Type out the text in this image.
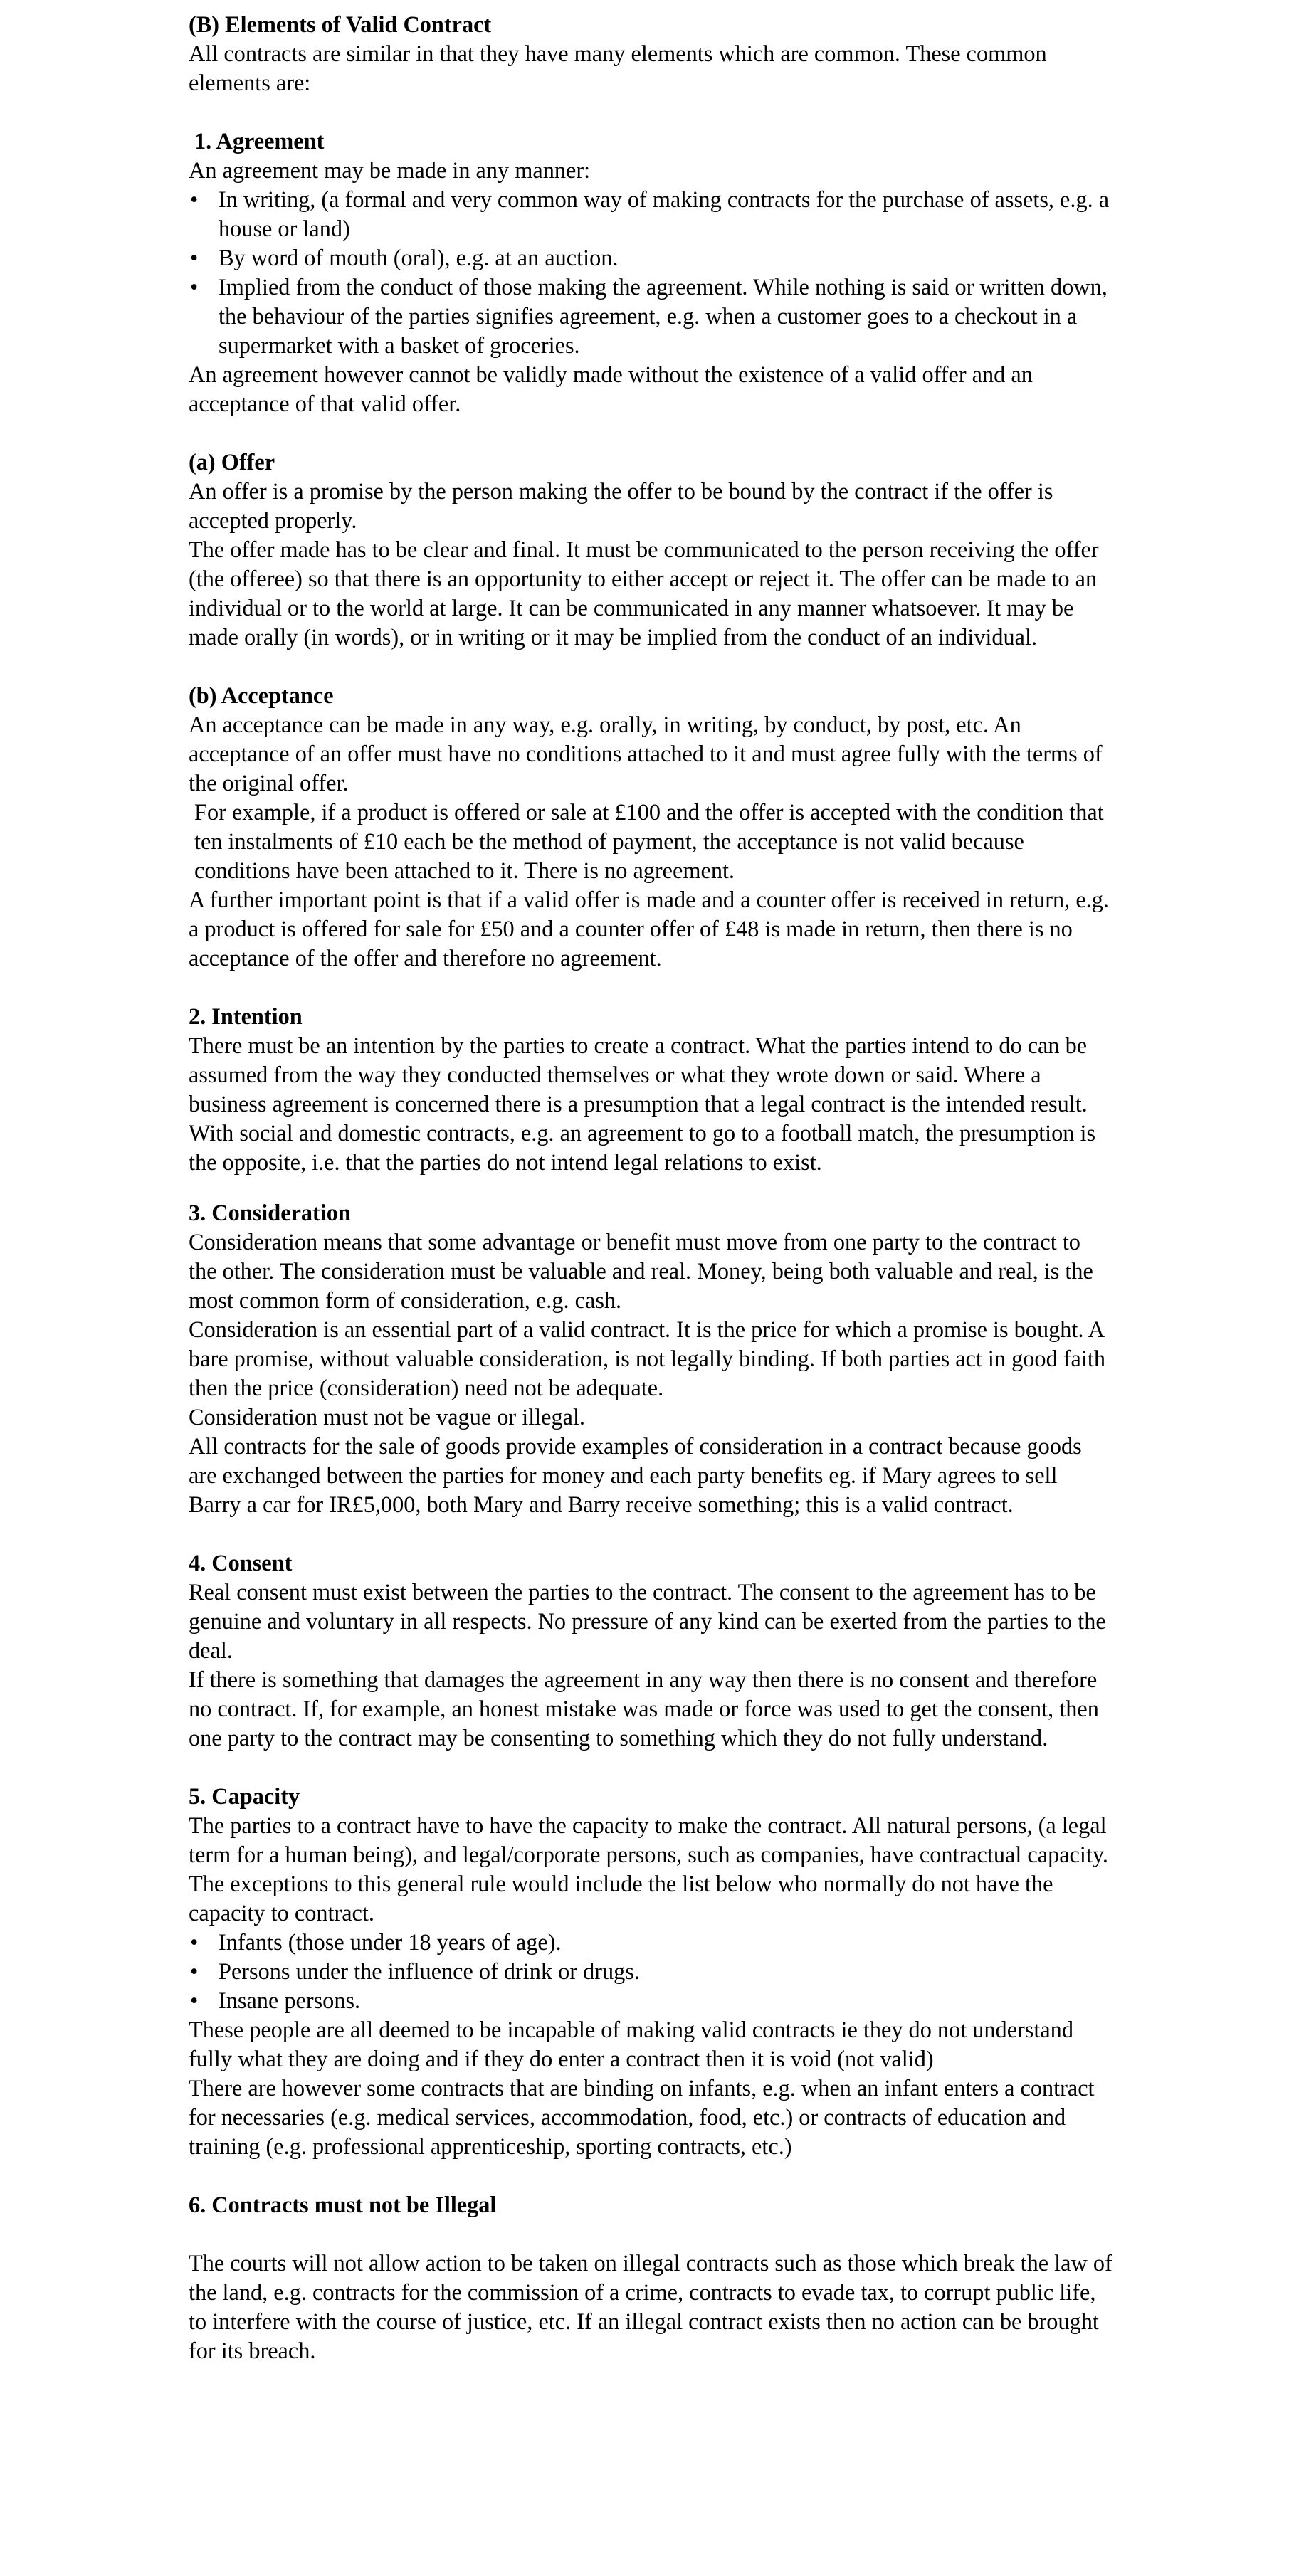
(B) Elements of Valid Contract

All contracts are similar in that they have many elements which are common. These common elements are:

1. Agreement

An agreement may be made in any manner:

• In writing, (a formal and very common way of making contracts for the purchase of assets, e.g. a house or land)
• By word of mouth (oral), e.g. at an auction.
• Implied from the conduct of those making the agreement. While nothing is said or written down, the behaviour of the parties signifies agreement, e.g. when a customer goes to a checkout in a supermarket with a basket of groceries.

An agreement however cannot be validly made without the existence of a valid offer and an acceptance of that valid offer.

(a) Offer

An offer is a promise by the person making the offer to be bound by the contract if the offer is accepted properly.

The offer made has to be clear and final. It must be communicated to the person receiving the offer (the offeree) so that there is an opportunity to either accept or reject it. The offer can be made to an individual or to the world at large. It can be communicated in any manner whatsoever. It may be made orally (in words), or in writing or it may be implied from the conduct of an individual.

(b) Acceptance

An acceptance can be made in any way, e.g. orally, in writing, by conduct, by post, etc. An acceptance of an offer must have no conditions attached to it and must agree fully with the terms of the original offer.

For example, if a product is offered or sale at £100 and the offer is accepted with the condition that ten instalments of £10 each be the method of payment, the acceptance is not valid because conditions have been attached to it. There is no agreement.

A further important point is that if a valid offer is made and a counter offer is received in return, e.g. a product is offered for sale for £50 and a counter offer of £48 is made in return, then there is no acceptance of the offer and therefore no agreement.

2. Intention

There must be an intention by the parties to create a contract. What the parties intend to do can be assumed from the way they conducted themselves or what they wrote down or said. Where a business agreement is concerned there is a presumption that a legal contract is the intended result. With social and domestic contracts, e.g. an agreement to go to a football match, the presumption is the opposite, i.e. that the parties do not intend legal relations to exist.

3. Consideration

Consideration means that some advantage or benefit must move from one party to the contract to the other. The consideration must be valuable and real. Money, being both valuable and real, is the most common form of consideration, e.g. cash.

Consideration is an essential part of a valid contract. It is the price for which a promise is bought. A bare promise, without valuable consideration, is not legally binding. If both parties act in good faith then the price (consideration) need not be adequate.

Consideration must not be vague or illegal.

All contracts for the sale of goods provide examples of consideration in a contract because goods are exchanged between the parties for money and each party benefits eg. if Mary agrees to sell Barry a car for IR£5,000, both Mary and Barry receive something; this is a valid contract.

4. Consent

Real consent must exist between the parties to the contract. The consent to the agreement has to be genuine and voluntary in all respects. No pressure of any kind can be exerted from the parties to the deal.

If there is something that damages the agreement in any way then there is no consent and therefore no contract. If, for example, an honest mistake was made or force was used to get the consent, then one party to the contract may be consenting to something which they do not fully understand.

5. Capacity

The parties to a contract have to have the capacity to make the contract. All natural persons, (a legal term for a human being), and legal/corporate persons, such as companies, have contractual capacity.

The exceptions to this general rule would include the list below who normally do not have the capacity to contract.

• Infants (those under 18 years of age).
• Persons under the influence of drink or drugs.
• Insane persons.

These people are all deemed to be incapable of making valid contracts ie they do not understand fully what they are doing and if they do enter a contract then it is void (not valid)

There are however some contracts that are binding on infants, e.g. when an infant enters a contract for necessaries (e.g. medical services, accommodation, food, etc.) or contracts of education and training (e.g. professional apprenticeship, sporting contracts, etc.)

6. Contracts must not be Illegal

The courts will not allow action to be taken on illegal contracts such as those which break the law of the land, e.g. contracts for the commission of a crime, contracts to evade tax, to corrupt public life, to interfere with the course of justice, etc. If an illegal contract exists then no action can be brought for its breach.
